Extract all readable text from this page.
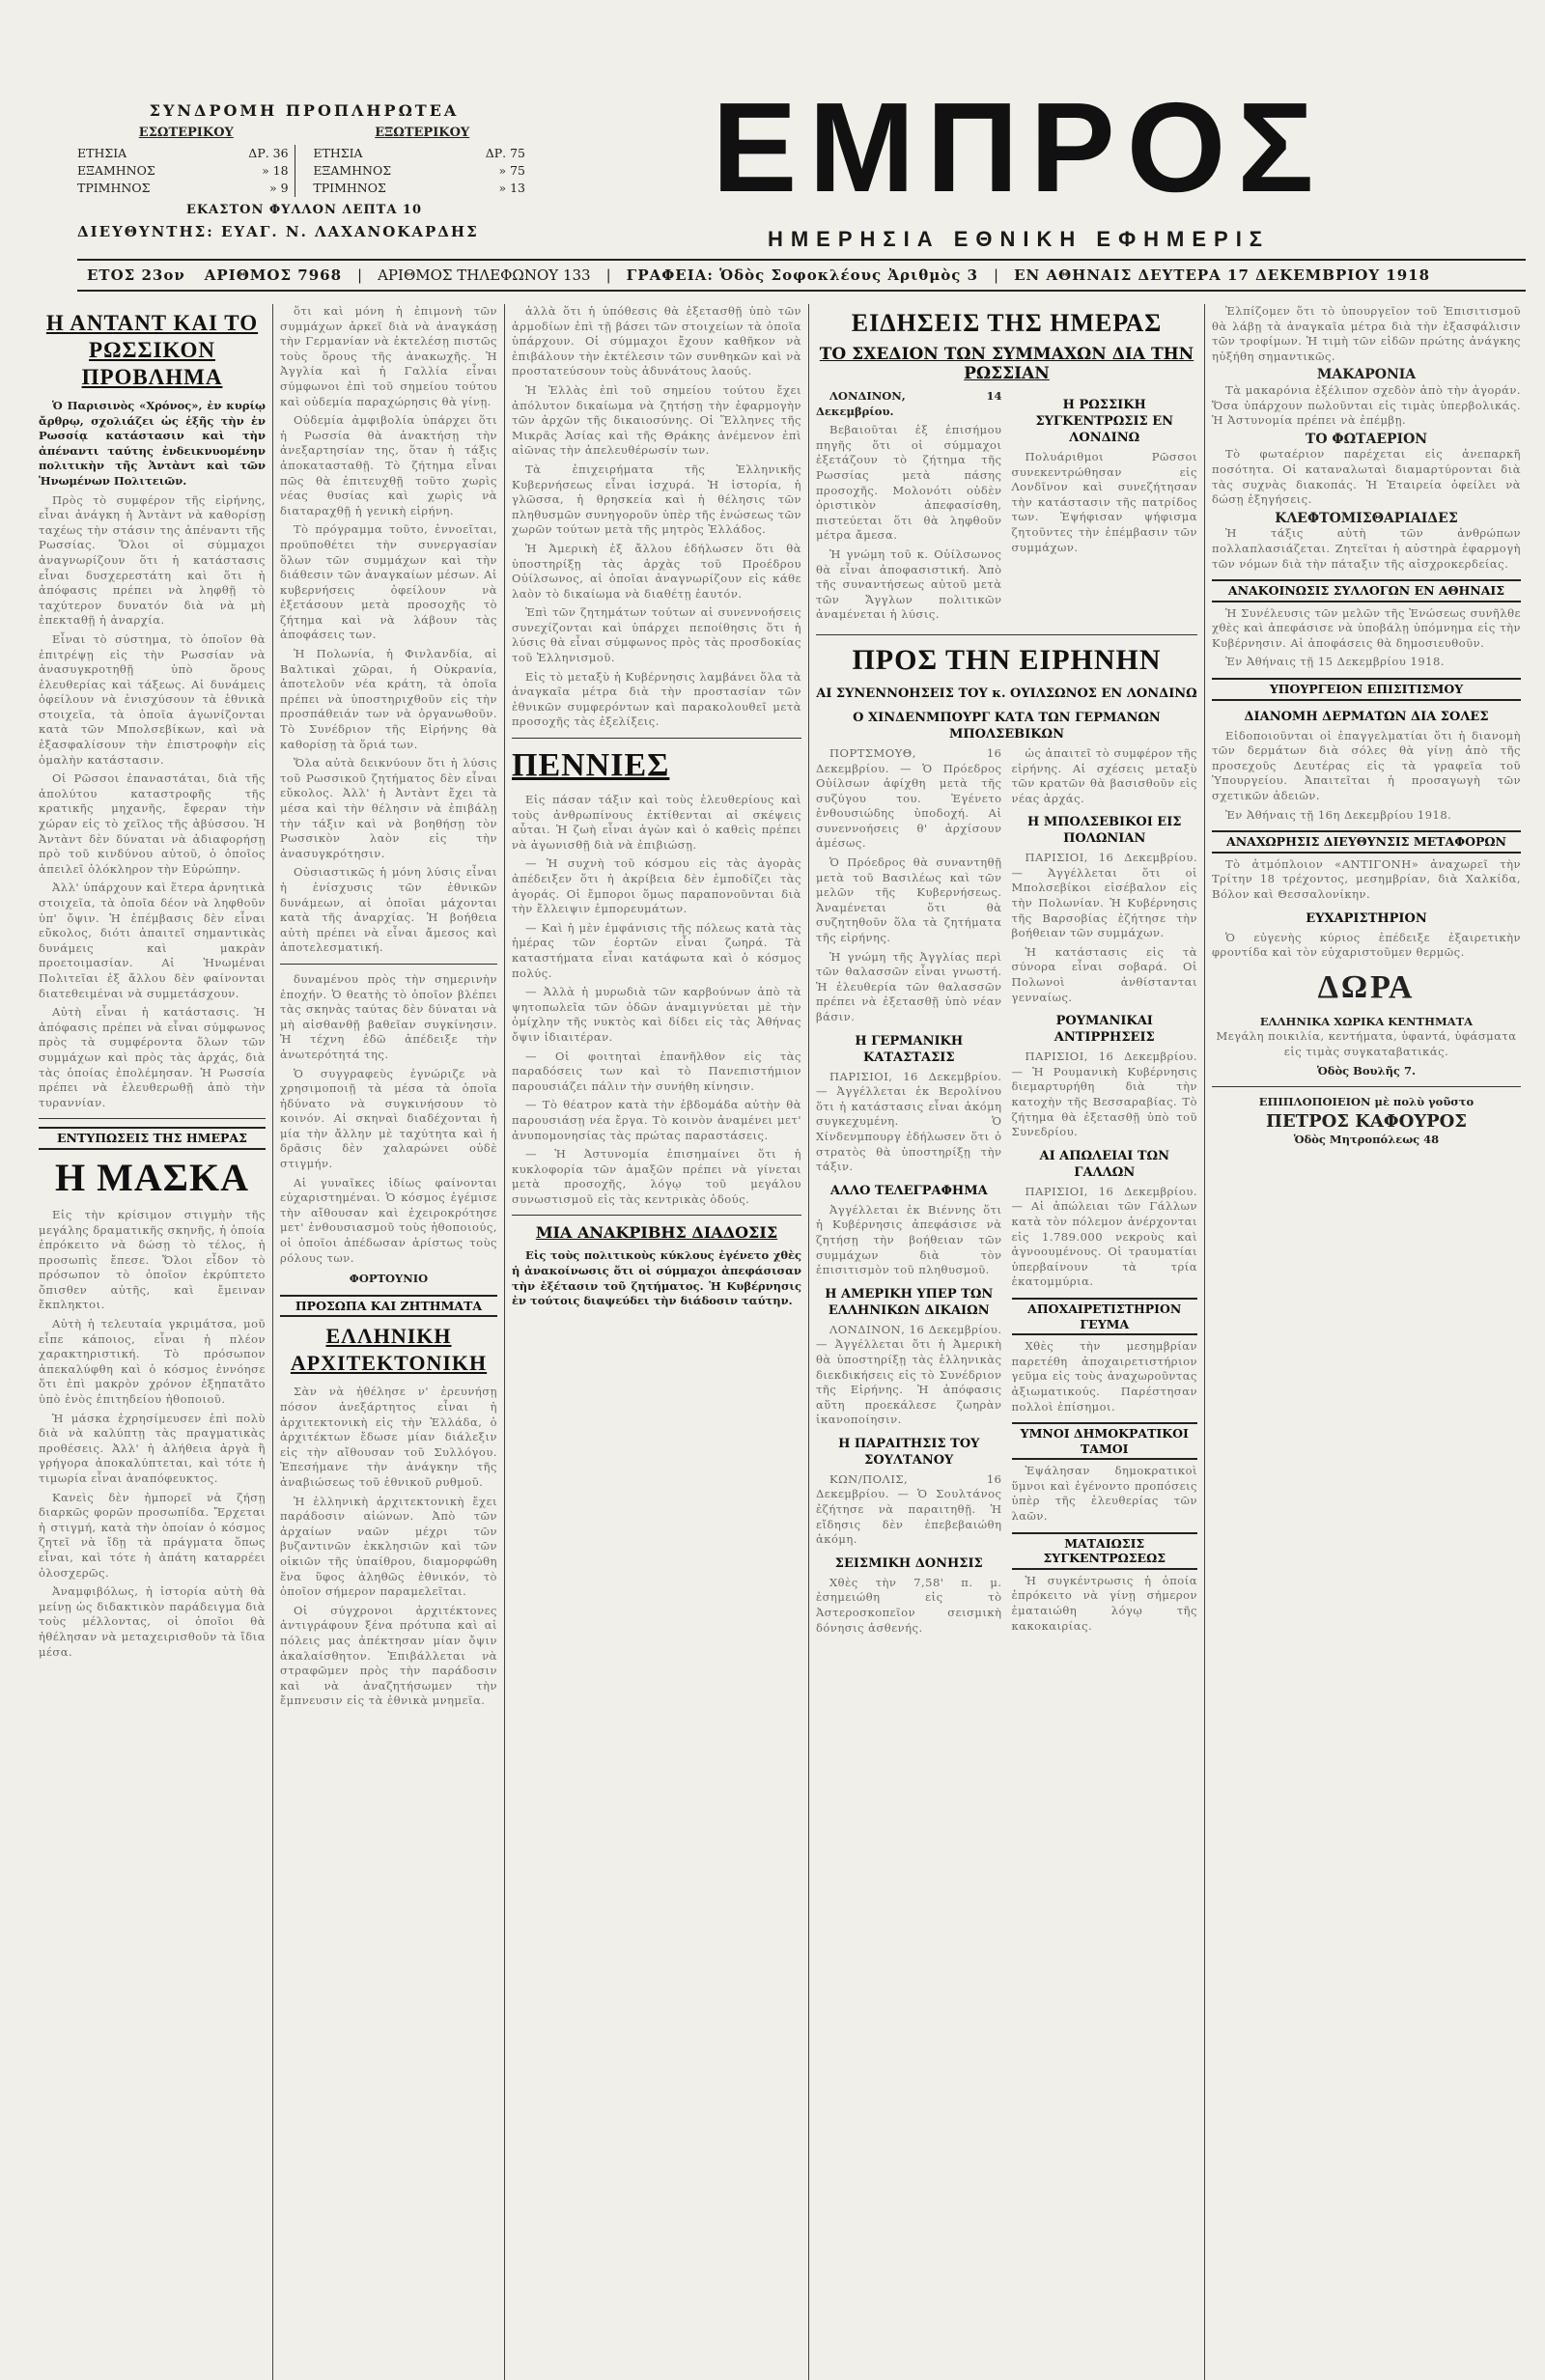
ΣΥΝΔΡΟΜΗ ΠΡΟΠΛΗΡΩΤΕΑ
ΕΣΩΤΕΡΙΚΟΥ
ΕΤΗΣΙΑ	ΔΡ. 36
ΕΞΑΜΗΝΟΣ	» 18
ΤΡΙΜΗΝΟΣ	» 9
ΕΞΩΤΕΡΙΚΟΥ
ΕΤΗΣΙΑ	ΔΡ. 75
ΕΞΑΜΗΝΟΣ	» 75
ΤΡΙΜΗΝΟΣ	» 13
ΕΚΑΣΤΟΝ ΦΥΛΛΟΝ ΛΕΠΤΑ 10
ΔΙΕΥΘΥΝΤΗΣ: ΕΥΑΓ. Ν. ΛΑΧΑΝΟΚΑΡΔΗΣ
ΕΜΠΡΟΣ
ΗΜΕΡΗΣΙΑ ΕΘΝΙΚΗ ΕΦΗΜΕΡΙΣ
ΕΤΟΣ 23ον	ΑΡΙΘΜΟΣ 7968	|	ΑΡΙΘΜΟΣ ΤΗΛΕΦΩΝΟΥ 133	|	ΓΡΑΦΕΙΑ: Ὁδὸς Σοφοκλέους Ἀριθμὸς 3	|	ΕΝ ΑΘΗΝΑΙΣ ΔΕΥΤΕΡΑ 17 ΔΕΚΕΜΒΡΙΟΥ 1918
Η ΑΝΤΑΝΤ ΚΑΙ ΤΟ ΡΩΣΣΙΚΟΝ ΠΡΟΒΛΗΜΑ

Ὁ Παρισινὸς «Χρόνος», ἐν κυρίῳ ἄρθρῳ, σχολιάζει ὡς ἑξῆς τὴν ἐν Ρωσσίᾳ κατάστασιν καὶ τὴν ἀπέναντι ταύτης ἐνδεικνυομένην πολιτικὴν τῆς Ἀντὰντ καὶ τῶν Ἡνωμένων Πολιτειῶν.

Πρὸς τὸ συμφέρον τῆς εἰρήνης, εἶναι ἀνάγκη ἡ Ἀντὰντ νὰ καθορίσῃ ταχέως τὴν στάσιν της ἀπέναντι τῆς Ρωσσίας. Ὅλοι οἱ σύμμαχοι ἀναγνωρίζουν ὅτι ἡ κατάστασις εἶναι δυσχερεστάτη καὶ ὅτι ἡ ἀπόφασις πρέπει νὰ ληφθῇ τὸ ταχύτερον δυνατόν διὰ νὰ μὴ ἐπεκταθῇ ἡ ἀναρχία.

Εἶναι τὸ σύστημα, τὸ ὁποῖον θὰ ἐπιτρέψῃ εἰς τὴν Ρωσσίαν νὰ ἀνασυγκροτηθῇ ὑπὸ ὅρους ἐλευθερίας καὶ τάξεως. Αἱ δυνάμεις ὀφείλουν νὰ ἐνισχύσουν τὰ ἐθνικὰ στοιχεῖα, τὰ ὁποῖα ἀγωνίζονται κατὰ τῶν Μπολσεβίκων, καὶ νὰ ἐξασφαλίσουν τὴν ἐπιστροφὴν εἰς ὁμαλὴν κατάστασιν.

Οἱ Ρῶσσοι ἐπαναστάται, διὰ τῆς ἀπολύτου καταστροφῆς τῆς κρατικῆς μηχανῆς, ἔφεραν τὴν χώραν εἰς τὸ χεῖλος τῆς ἀβύσσου. Ἡ Ἀντὰντ δὲν δύναται νὰ ἀδιαφορήσῃ πρὸ τοῦ κινδύνου αὐτοῦ, ὁ ὁποῖος ἀπειλεῖ ὁλόκληρον τὴν Εὐρώπην.

Ἀλλ' ὑπάρχουν καὶ ἕτερα ἀρνητικὰ στοιχεῖα, τὰ ὁποῖα δέον νὰ ληφθοῦν ὑπ' ὄψιν. Ἡ ἐπέμβασις δὲν εἶναι εὔκολος, διότι ἀπαιτεῖ σημαντικὰς δυνάμεις καὶ μακρὰν προετοιμασίαν. Αἱ Ἡνωμέναι Πολιτεῖαι ἐξ ἄλλου δὲν φαίνονται διατεθειμέναι νὰ συμμετάσχουν.

Αὐτὴ εἶναι ἡ κατάστασις. Ἡ ἀπόφασις πρέπει νὰ εἶναι σύμφωνος πρὸς τὰ συμφέροντα ὅλων τῶν συμμάχων καὶ πρὸς τὰς ἀρχάς, διὰ τὰς ὁποίας ἐπολέμησαν. Ἡ Ρωσσία πρέπει νὰ ἐλευθερωθῇ ἀπὸ τὴν τυραννίαν.

ΕΝΤΥΠΩΣΕΙΣ ΤΗΣ ΗΜΕΡΑΣ
Η ΜΑΣΚΑ

Εἰς τὴν κρίσιμον στιγμὴν τῆς μεγάλης δραματικῆς σκηνῆς, ἡ ὁποία ἐπρόκειτο νὰ δώσῃ τὸ τέλος, ἡ προσωπὶς ἔπεσε. Ὅλοι εἶδον τὸ πρόσωπον τὸ ὁποῖον ἐκρύπτετο ὄπισθεν αὐτῆς, καὶ ἔμειναν ἔκπληκτοι.

Αὐτὴ ἡ τελευταία γκριμάτσα, μοῦ εἶπε κάποιος, εἶναι ἡ πλέον χαρακτηριστική. Τὸ πρόσωπον ἀπεκαλύφθη καὶ ὁ κόσμος ἐννόησε ὅτι ἐπὶ μακρὸν χρόνον ἐξηπατᾶτο ὑπὸ ἑνὸς ἐπιτηδείου ἠθοποιοῦ.

Ἡ μάσκα ἐχρησίμευσεν ἐπὶ πολὺ διὰ νὰ καλύπτῃ τὰς πραγματικὰς προθέσεις. Ἀλλ' ἡ ἀλήθεια ἀργὰ ἢ γρήγορα ἀποκαλύπτεται, καὶ τότε ἡ τιμωρία εἶναι ἀναπόφευκτος.

Κανεὶς δὲν ἠμπορεῖ νὰ ζήσῃ διαρκῶς φορῶν προσωπίδα. Ἔρχεται ἡ στιγμή, κατὰ τὴν ὁποίαν ὁ κόσμος ζητεῖ νὰ ἴδῃ τὰ πράγματα ὅπως εἶναι, καὶ τότε ἡ ἀπάτη καταρρέει ὁλοσχερῶς.

Ἀναμφιβόλως, ἡ ἱστορία αὐτὴ θὰ μείνῃ ὡς διδακτικὸν παράδειγμα διὰ τοὺς μέλλοντας, οἱ ὁποῖοι θὰ ἠθέλησαν νὰ μεταχειρισθοῦν τὰ ἴδια μέσα.

ὅτι καὶ μόνη ἡ ἐπιμονὴ τῶν συμμάχων ἀρκεῖ διὰ νὰ ἀναγκάσῃ τὴν Γερμανίαν νὰ ἐκτελέσῃ πιστῶς τοὺς ὅρους τῆς ἀνακωχῆς. Ἡ Ἀγγλία καὶ ἡ Γαλλία εἶναι σύμφωνοι ἐπὶ τοῦ σημείου τούτου καὶ οὐδεμία παραχώρησις θὰ γίνῃ.

Οὐδεμία ἀμφιβολία ὑπάρχει ὅτι ἡ Ρωσσία θὰ ἀνακτήσῃ τὴν ἀνεξαρτησίαν της, ὅταν ἡ τάξις ἀποκατασταθῇ. Τὸ ζήτημα εἶναι πῶς θὰ ἐπιτευχθῇ τοῦτο χωρὶς νέας θυσίας καὶ χωρὶς νὰ διαταραχθῇ ἡ γενικὴ εἰρήνη.

Τὸ πρόγραμμα τοῦτο, ἐννοεῖται, προϋποθέτει τὴν συνεργασίαν ὅλων τῶν συμμάχων καὶ τὴν διάθεσιν τῶν ἀναγκαίων μέσων. Αἱ κυβερνήσεις ὀφείλουν νὰ ἐξετάσουν μετὰ προσοχῆς τὸ ζήτημα καὶ νὰ λάβουν τὰς ἀποφάσεις των.

Ἡ Πολωνία, ἡ Φινλανδία, αἱ Βαλτικαὶ χῶραι, ἡ Οὐκρανία, ἀποτελοῦν νέα κράτη, τὰ ὁποῖα πρέπει νὰ ὑποστηριχθοῦν εἰς τὴν προσπάθειάν των νὰ ὀργανωθοῦν. Τὸ Συνέδριον τῆς Εἰρήνης θὰ καθορίσῃ τὰ ὅριά των.

Ὅλα αὐτὰ δεικνύουν ὅτι ἡ λύσις τοῦ Ρωσσικοῦ ζητήματος δὲν εἶναι εὔκολος. Ἀλλ' ἡ Ἀντὰντ ἔχει τὰ μέσα καὶ τὴν θέλησιν νὰ ἐπιβάλῃ τὴν τάξιν καὶ νὰ βοηθήσῃ τὸν Ρωσσικὸν λαὸν εἰς τὴν ἀνασυγκρότησιν.

Οὐσιαστικῶς ἡ μόνη λύσις εἶναι ἡ ἐνίσχυσις τῶν ἐθνικῶν δυνάμεων, αἱ ὁποῖαι μάχονται κατὰ τῆς ἀναρχίας. Ἡ βοήθεια αὐτὴ πρέπει νὰ εἶναι ἄμεσος καὶ ἀποτελεσματική.

δυναμένου πρὸς τὴν σημερινὴν ἐποχήν. Ὁ θεατὴς τὸ ὁποῖον βλέπει τὰς σκηνὰς ταύτας δὲν δύναται νὰ μὴ αἰσθανθῇ βαθεῖαν συγκίνησιν. Ἡ τέχνη ἐδῶ ἀπέδειξε τὴν ἀνωτερότητά της.

Ὁ συγγραφεὺς ἐγνώριζε νὰ χρησιμοποιῇ τὰ μέσα τὰ ὁποῖα ἠδύνατο νὰ συγκινήσουν τὸ κοινόν. Αἱ σκηναὶ διαδέχονται ἡ μία τὴν ἄλλην μὲ ταχύτητα καὶ ἡ δρᾶσις δὲν χαλαρώνει οὐδὲ στιγμήν.

Αἱ γυναῖκες ἰδίως φαίνονται εὐχαριστημέναι. Ὁ κόσμος ἐγέμισε τὴν αἴθουσαν καὶ ἐχειροκρότησε μετ' ἐνθουσιασμοῦ τοὺς ἠθοποιούς, οἱ ὁποῖοι ἀπέδωσαν ἀρίστως τοὺς ρόλους των.

ΦΟΡΤΟΥΝΙΟ
ΠΡΟΣΩΠΑ ΚΑΙ ΖΗΤΗΜΑΤΑ
ΕΛΛΗΝΙΚΗ ΑΡΧΙΤΕΚΤΟΝΙΚΗ

Σὰν νὰ ἠθέλησε ν' ἐρευνήσῃ πόσον ἀνεξάρτητος εἶναι ἡ ἀρχιτεκτονικὴ εἰς τὴν Ἑλλάδα, ὁ ἀρχιτέκτων ἔδωσε μίαν διάλεξιν εἰς τὴν αἴθουσαν τοῦ Συλλόγου. Ἐπεσήμανε τὴν ἀνάγκην τῆς ἀναβιώσεως τοῦ ἐθνικοῦ ρυθμοῦ.

Ἡ ἑλληνικὴ ἀρχιτεκτονικὴ ἔχει παράδοσιν αἰώνων. Ἀπὸ τῶν ἀρχαίων ναῶν μέχρι τῶν βυζαντινῶν ἐκκλησιῶν καὶ τῶν οἰκιῶν τῆς ὑπαίθρου, διαμορφώθη ἕνα ὕφος ἀληθῶς ἐθνικόν, τὸ ὁποῖον σήμερον παραμελεῖται.

Οἱ σύγχρονοι ἀρχιτέκτονες ἀντιγράφουν ξένα πρότυπα καὶ αἱ πόλεις μας ἀπέκτησαν μίαν ὄψιν ἀκαλαίσθητον. Ἐπιβάλλεται νὰ στραφῶμεν πρὸς τὴν παράδοσιν καὶ νὰ ἀναζητήσωμεν τὴν ἔμπνευσιν εἰς τὰ ἐθνικὰ μνημεῖα.

ἀλλὰ ὅτι ἡ ὑπόθεσις θὰ ἐξετασθῇ ὑπὸ τῶν ἁρμοδίων ἐπὶ τῇ βάσει τῶν στοιχείων τὰ ὁποῖα ὑπάρχουν. Οἱ σύμμαχοι ἔχουν καθῆκον νὰ ἐπιβάλουν τὴν ἐκτέλεσιν τῶν συνθηκῶν καὶ νὰ προστατεύσουν τοὺς ἀδυνάτους λαούς.

Ἡ Ἑλλὰς ἐπὶ τοῦ σημείου τούτου ἔχει ἀπόλυτον δικαίωμα νὰ ζητήσῃ τὴν ἐφαρμογὴν τῶν ἀρχῶν τῆς δικαιοσύνης. Οἱ Ἕλληνες τῆς Μικρᾶς Ἀσίας καὶ τῆς Θράκης ἀνέμενον ἐπὶ αἰῶνας τὴν ἀπελευθέρωσίν των.

Τὰ ἐπιχειρήματα τῆς Ἑλληνικῆς Κυβερνήσεως εἶναι ἰσχυρά. Ἡ ἱστορία, ἡ γλῶσσα, ἡ θρησκεία καὶ ἡ θέλησις τῶν πληθυσμῶν συνηγοροῦν ὑπὲρ τῆς ἑνώσεως τῶν χωρῶν τούτων μετὰ τῆς μητρὸς Ἑλλάδος.

Ἡ Ἀμερικὴ ἐξ ἄλλου ἐδήλωσεν ὅτι θὰ ὑποστηρίξῃ τὰς ἀρχὰς τοῦ Προέδρου Οὐίλσωνος, αἱ ὁποῖαι ἀναγνωρίζουν εἰς κάθε λαὸν τὸ δικαίωμα νὰ διαθέτῃ ἑαυτόν.

Ἐπὶ τῶν ζητημάτων τούτων αἱ συνεννοήσεις συνεχίζονται καὶ ὑπάρχει πεποίθησις ὅτι ἡ λύσις θὰ εἶναι σύμφωνος πρὸς τὰς προσδοκίας τοῦ Ἑλληνισμοῦ.

Εἰς τὸ μεταξὺ ἡ Κυβέρνησις λαμβάνει ὅλα τὰ ἀναγκαῖα μέτρα διὰ τὴν προστασίαν τῶν ἐθνικῶν συμφερόντων καὶ παρακολουθεῖ μετὰ προσοχῆς τὰς ἐξελίξεις.

ΠΕΝΝΙΕΣ

Εἰς πάσαν τάξιν καὶ τοὺς ἐλευθερίους καὶ τοὺς ἀνθρωπίνους ἐκτίθενται αἱ σκέψεις αὗται. Ἡ ζωὴ εἶναι ἀγὼν καὶ ὁ καθεὶς πρέπει νὰ ἀγωνισθῇ διὰ νὰ ἐπιβιώσῃ.

— Ἡ συχνὴ τοῦ κόσμου εἰς τὰς ἀγορὰς ἀπέδειξεν ὅτι ἡ ἀκρίβεια δὲν ἐμποδίζει τὰς ἀγοράς. Οἱ ἔμποροι ὅμως παραπονοῦνται διὰ τὴν ἔλλειψιν ἐμπορευμάτων.

— Καὶ ἡ μὲν ἐμφάνισις τῆς πόλεως κατὰ τὰς ἡμέρας τῶν ἑορτῶν εἶναι ζωηρά. Τὰ καταστήματα εἶναι κατάφωτα καὶ ὁ κόσμος πολύς.

— Ἀλλὰ ἡ μυρωδιὰ τῶν καρβούνων ἀπὸ τὰ ψητοπωλεῖα τῶν ὁδῶν ἀναμιγνύεται μὲ τὴν ὀμίχλην τῆς νυκτὸς καὶ δίδει εἰς τὰς Ἀθήνας ὄψιν ἰδιαιτέραν.

— Οἱ φοιτηταὶ ἐπανῆλθον εἰς τὰς παραδόσεις των καὶ τὸ Πανεπιστήμιον παρουσιάζει πάλιν τὴν συνήθη κίνησιν.

— Τὸ θέατρον κατὰ τὴν ἑβδομάδα αὐτὴν θὰ παρουσιάσῃ νέα ἔργα. Τὸ κοινὸν ἀναμένει μετ' ἀνυπομονησίας τὰς πρώτας παραστάσεις.

— Ἡ Ἀστυνομία ἐπισημαίνει ὅτι ἡ κυκλοφορία τῶν ἁμαξῶν πρέπει νὰ γίνεται μετὰ προσοχῆς, λόγῳ τοῦ μεγάλου συνωστισμοῦ εἰς τὰς κεντρικὰς ὁδούς.

ΜΙΑ ΑΝΑΚΡΙΒΗΣ ΔΙΑΔΟΣΙΣ

Εἰς τοὺς πολιτικοὺς κύκλους ἐγένετο χθὲς ἡ ἀνακοίνωσις ὅτι οἱ σύμμαχοι ἀπεφάσισαν τὴν ἐξέτασιν τοῦ ζητήματος. Ἡ Κυβέρνησις ἐν τούτοις διαψεύδει τὴν διάδοσιν ταύτην.

ΕΙΔΗΣΕΙΣ ΤΗΣ ΗΜΕΡΑΣ
ΤΟ ΣΧΕΔΙΟΝ ΤΩΝ ΣΥΜΜΑΧΩΝ ΔΙΑ ΤΗΝ ΡΩΣΣΙΑΝ

ΛΟΝΔΙΝΟΝ, 14 Δεκεμβρίου.

Βεβαιοῦται ἐξ ἐπισήμου πηγῆς ὅτι οἱ σύμμαχοι ἐξετάζουν τὸ ζήτημα τῆς Ρωσσίας μετὰ πάσης προσοχῆς. Μολονότι οὐδὲν ὁριστικὸν ἀπεφασίσθη, πιστεύεται ὅτι θὰ ληφθοῦν μέτρα ἄμεσα.

Ἡ γνώμη τοῦ κ. Οὐίλσωνος θὰ εἶναι ἀποφασιστική. Ἀπὸ τῆς συναντήσεως αὐτοῦ μετὰ τῶν Ἄγγλων πολιτικῶν ἀναμένεται ἡ λύσις.

Η ΡΩΣΣΙΚΗ ΣΥΓΚΕΝΤΡΩΣΙΣ ΕΝ ΛΟΝΔΙΝΩ

Πολυάριθμοι Ρῶσσοι συνεκεντρώθησαν εἰς Λονδῖνον καὶ συνεζήτησαν τὴν κατάστασιν τῆς πατρίδος των. Ἐψήφισαν ψήφισμα ζητοῦντες τὴν ἐπέμβασιν τῶν συμμάχων.

ΠΡΟΣ ΤΗΝ ΕΙΡΗΝΗΝ
ΑΙ ΣΥΝΕΝΝΟΗΣΕΙΣ ΤΟΥ κ. ΟΥΙΛΣΩΝΟΣ ΕΝ ΛΟΝΔΙΝΩ
Ο ΧΙΝΔΕΝΜΠΟΥΡΓ ΚΑΤΑ ΤΩΝ ΓΕΡΜΑΝΩΝ ΜΠΟΛΣΕΒΙΚΩΝ

ΠΟΡΤΣΜΟΥΘ, 16 Δεκεμβρίου. — Ὁ Πρόεδρος Οὐίλσων ἀφίχθη μετὰ τῆς συζύγου του. Ἐγένετο ἐνθουσιώδης ὑποδοχή. Αἱ συνεννοήσεις θ' ἀρχίσουν ἀμέσως.

Ὁ Πρόεδρος θὰ συναντηθῇ μετὰ τοῦ Βασιλέως καὶ τῶν μελῶν τῆς Κυβερνήσεως. Ἀναμένεται ὅτι θὰ συζητηθοῦν ὅλα τὰ ζητήματα τῆς εἰρήνης.

Ἡ γνώμη τῆς Ἀγγλίας περὶ τῶν θαλασσῶν εἶναι γνωστή. Ἡ ἐλευθερία τῶν θαλασσῶν πρέπει νὰ ἐξετασθῇ ὑπὸ νέαν βάσιν.

Η ΓΕΡΜΑΝΙΚΗ ΚΑΤΑΣΤΑΣΙΣ

ΠΑΡΙΣΙΟΙ, 16 Δεκεμβρίου. — Ἀγγέλλεται ἐκ Βερολίνου ὅτι ἡ κατάστασις εἶναι ἀκόμη συγκεχυμένη. Ὁ Χίνδενμπουργ ἐδήλωσεν ὅτι ὁ στρατὸς θὰ ὑποστηρίξῃ τὴν τάξιν.

ΑΛΛΟ ΤΕΛΕΓΡΑΦΗΜΑ

Ἀγγέλλεται ἐκ Βιέννης ὅτι ἡ Κυβέρνησις ἀπεφάσισε νὰ ζητήσῃ τὴν βοήθειαν τῶν συμμάχων διὰ τὸν ἐπισιτισμὸν τοῦ πληθυσμοῦ.

Η ΑΜΕΡΙΚΗ ΥΠΕΡ ΤΩΝ ΕΛΛΗΝΙΚΩΝ ΔΙΚΑΙΩΝ

ΛΟΝΔΙΝΟΝ, 16 Δεκεμβρίου. — Ἀγγέλλεται ὅτι ἡ Ἀμερικὴ θὰ ὑποστηρίξῃ τὰς ἑλληνικὰς διεκδικήσεις εἰς τὸ Συνέδριον τῆς Εἰρήνης. Ἡ ἀπόφασις αὕτη προεκάλεσε ζωηρὰν ἱκανοποίησιν.

Η ΠΑΡΑΙΤΗΣΙΣ ΤΟΥ ΣΟΥΛΤΑΝΟΥ

ΚΩΝ/ΠΟΛΙΣ, 16 Δεκεμβρίου. — Ὁ Σουλτάνος ἐζήτησε νὰ παραιτηθῇ. Ἡ εἴδησις δὲν ἐπεβεβαιώθη ἀκόμη.

ΣΕΙΣΜΙΚΗ ΔΟΝΗΣΙΣ

Χθὲς τὴν 7,58' π. μ. ἐσημειώθη εἰς τὸ Ἀστεροσκοπεῖον σεισμικὴ δόνησις ἀσθενής.

ὡς ἀπαιτεῖ τὸ συμφέρον τῆς εἰρήνης. Αἱ σχέσεις μεταξὺ τῶν κρατῶν θὰ βασισθοῦν εἰς νέας ἀρχάς.

Η ΜΠΟΛΣΕΒΙΚΟΙ ΕΙΣ ΠΟΛΩΝΙΑΝ

ΠΑΡΙΣΙΟΙ, 16 Δεκεμβρίου. — Ἀγγέλλεται ὅτι οἱ Μπολσεβίκοι εἰσέβαλον εἰς τὴν Πολωνίαν. Ἡ Κυβέρνησις τῆς Βαρσοβίας ἐζήτησε τὴν βοήθειαν τῶν συμμάχων.

Ἡ κατάστασις εἰς τὰ σύνορα εἶναι σοβαρά. Οἱ Πολωνοὶ ἀνθίστανται γενναίως.

ΡΟΥΜΑΝΙΚΑΙ ΑΝΤΙΡΡΗΣΕΙΣ

ΠΑΡΙΣΙΟΙ, 16 Δεκεμβρίου. — Ἡ Ρουμανικὴ Κυβέρνησις διεμαρτυρήθη διὰ τὴν κατοχὴν τῆς Βεσσαραβίας. Τὸ ζήτημα θὰ ἐξετασθῇ ὑπὸ τοῦ Συνεδρίου.

ΑΙ ΑΠΩΛΕΙΑΙ ΤΩΝ ΓΑΛΛΩΝ

ΠΑΡΙΣΙΟΙ, 16 Δεκεμβρίου. — Αἱ ἀπώλειαι τῶν Γάλλων κατὰ τὸν πόλεμον ἀνέρχονται εἰς 1.789.000 νεκροὺς καὶ ἀγνοουμένους. Οἱ τραυματίαι ὑπερβαίνουν τὰ τρία ἑκατομμύρια.

ΑΠΟΧΑΙΡΕΤΙΣΤΗΡΙΟΝ ΓΕΥΜΑ

Χθὲς τὴν μεσημβρίαν παρετέθη ἀποχαιρετιστήριον γεῦμα εἰς τοὺς ἀναχωροῦντας ἀξιωματικούς. Παρέστησαν πολλοὶ ἐπίσημοι.

ΥΜΝΟΙ ΔΗΜΟΚΡΑΤΙΚΟΙ ΤΑΜΟΙ

Ἐψάλησαν δημοκρατικοὶ ὕμνοι καὶ ἐγένοντο προπόσεις ὑπὲρ τῆς ἐλευθερίας τῶν λαῶν.

ΜΑΤΑΙΩΣΙΣ ΣΥΓΚΕΝΤΡΩΣΕΩΣ

Ἡ συγκέντρωσις ἡ ὁποία ἐπρόκειτο νὰ γίνῃ σήμερον ἐματαιώθη λόγῳ τῆς κακοκαιρίας.

Ἐλπίζομεν ὅτι τὸ ὑπουργεῖον τοῦ Ἐπισιτισμοῦ θὰ λάβῃ τὰ ἀναγκαῖα μέτρα διὰ τὴν ἐξασφάλισιν τῶν τροφίμων. Ἡ τιμὴ τῶν εἰδῶν πρώτης ἀνάγκης ηὐξήθη σημαντικῶς.

ΜΑΚΑΡΟΝΙΑ

Τὰ μακαρόνια ἐξέλιπον σχεδὸν ἀπὸ τὴν ἀγοράν. Ὅσα ὑπάρχουν πωλοῦνται εἰς τιμὰς ὑπερβολικάς. Ἡ Ἀστυνομία πρέπει νὰ ἐπέμβῃ.

ΤΟ ΦΩΤΑΕΡΙΟΝ

Τὸ φωταέριον παρέχεται εἰς ἀνεπαρκῆ ποσότητα. Οἱ καταναλωταὶ διαμαρτύρονται διὰ τὰς συχνὰς διακοπάς. Ἡ Ἑταιρεία ὀφείλει νὰ δώσῃ ἐξηγήσεις.

ΚΛΕΦΤΟΜΙΣΘΑΡΙΑΙΔΕΣ

Ἡ τάξις αὐτὴ τῶν ἀνθρώπων πολλαπλασιάζεται. Ζητεῖται ἡ αὐστηρὰ ἐφαρμογὴ τῶν νόμων διὰ τὴν πάταξιν τῆς αἰσχροκερδείας.

ΑΝΑΚΟΙΝΩΣΙΣ ΣΥΛΛΟΓΩΝ ΕΝ ΑΘΗΝΑΙΣ

Ἡ Συνέλευσις τῶν μελῶν τῆς Ἑνώσεως συνῆλθε χθὲς καὶ ἀπεφάσισε νὰ ὑποβάλῃ ὑπόμνημα εἰς τὴν Κυβέρνησιν. Αἱ ἀποφάσεις θὰ δημοσιευθοῦν.

Ἐν Ἀθήναις τῇ 15 Δεκεμβρίου 1918.

ΥΠΟΥΡΓΕΙΟΝ ΕΠΙΣΙΤΙΣΜΟΥ
ΔΙΑΝΟΜΗ ΔΕΡΜΑΤΩΝ ΔΙΑ ΣΟΛΕΣ

Εἰδοποιοῦνται οἱ ἐπαγγελματίαι ὅτι ἡ διανομὴ τῶν δερμάτων διὰ σόλες θὰ γίνῃ ἀπὸ τῆς προσεχοῦς Δευτέρας εἰς τὰ γραφεῖα τοῦ Ὑπουργείου. Ἀπαιτεῖται ἡ προσαγωγὴ τῶν σχετικῶν ἀδειῶν.

Ἐν Ἀθήναις τῇ 16η Δεκεμβρίου 1918.

ΑΝΑΧΩΡΗΣΙΣ ΔΙΕΥΘΥΝΣΙΣ ΜΕΤΑΦΟΡΩΝ

Τὸ ἀτμόπλοιον «ΑΝΤΙΓΟΝΗ» ἀναχωρεῖ τὴν Τρίτην 18 τρέχοντος, μεσημβρίαν, διὰ Χαλκίδα, Βόλον καὶ Θεσσαλονίκην.

ΕΥΧΑΡΙΣΤΗΡΙΟΝ

Ὁ εὐγενὴς κύριος ἐπέδειξε ἐξαιρετικὴν φροντίδα καὶ τὸν εὐχαριστοῦμεν θερμῶς.

ΔΩΡΑ
ΕΛΛΗΝΙΚΑ ΧΩΡΙΚΑ ΚΕΝΤΗΜΑΤΑ

Μεγάλη ποικιλία, κεντήματα, ὑφαντά, ὑφάσματα εἰς τιμὰς συγκαταβατικάς.

Ὁδὸς Βουλῆς 7.
ΕΠΙΠΛΟΠΟΙΕΙΟΝ μὲ πολὺ γοῦστο
ΠΕΤΡΟΣ ΚΑΦΟΥΡΟΣ
Ὁδὸς Μητροπόλεως 48
